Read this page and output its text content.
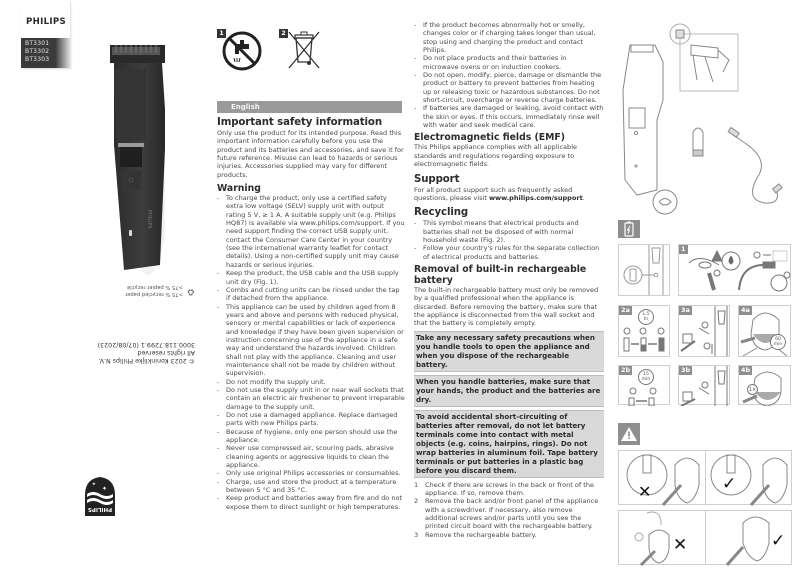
PHILIPS
BT3301
BT3302
BT3303
PHILIPS
♻
>75 % recycled paper
>75 % papier recyclé
© 2023 Koninklijke Philips N.V.
All rights reserved
3000.118.7299.1 (07/08/2023)
PHILIPS
✦
✦
1	2
English
Important safety information

Only use the product for its intended purpose. Read this important information carefully before you use the product and its batteries and accessories, and save it for future reference. Misuse can lead to hazards or serious injuries. Accessories supplied may vary for different products.

Warning
- To charge the product, only use a certified safety extra low voltage (SELV) supply unit with output rating 5 V, ≥ 1 A. A suitable supply unit (e.g. Philips HQ87) is available via www.philips.com/support. If you need support finding the correct USB supply unit, contact the Consumer Care Center in your country (see the international warranty leaflet for contact details). Using a non-certified supply unit may cause hazards or serious injuries.
- Keep the product, the USB cable and the USB supply unit dry (Fig. 1).
- Combs and cutting units can be rinsed under the tap if detached from the appliance.
- This appliance can be used by children aged from 8 years and above and persons with reduced physical, sensory or mental capabilities or lack of experience and knowledge if they have been given supervision or instruction concerning use of the appliance in a safe way and understand the hazards involved. Children shall not play with the appliance. Cleaning and user maintenance shall not be made by children without supervision.
- Do not modify the supply unit.
- Do not use the supply unit in or near wall sockets that contain an electric air freshener to prevent irreparable damage to the supply unit.
- Do not use a damaged appliance. Replace damaged parts with new Philips parts.
- Because of hygiene, only one person should use the appliance.
- Never use compressed air, scouring pads, abrasive cleaning agents or aggressive liquids to clean the appliance.
- Only use original Philips accessories or consumables.
- Charge, use and store the product at a temperature between 5 °C and 35 °C.
- Keep product and batteries away from fire and do not expose them to direct sunlight or high temperatures.
- If the product becomes abnormally hot or smelly, changes color or if charging takes longer than usual, stop using and charging the product and contact Philips.
- Do not place products and their batteries in microwave ovens or on induction cookers.
- Do not open, modify, pierce, damage or dismantle the product or battery to prevent batteries from heating up or releasing toxic or hazardous substances. Do not short-circuit, overcharge or reverse charge batteries.
- If batteries are damaged or leaking, avoid contact with the skin or eyes. If this occurs, immediately rinse well with water and seek medical care.
Electromagnetic fields (EMF)

This Philips appliance complies with all applicable standards and regulations regarding exposure to electromagnetic fields.

Support

For all product support such as frequently asked questions, please visit www.philips.com/support.

Recycling
- This symbol means that electrical products and batteries shall not be disposed of with normal household waste (Fig. 2).
- Follow your country's rules for the separate collection of electrical products and batteries.
Removal of built-in rechargeable battery

The built-in rechargeable battery must only be removed by a qualified professional when the appliance is discarded. Before removing the battery, make sure that the appliance is disconnected from the wall socket and that the battery is completely empty.

Take any necessary safety precautions when you handle tools to open the appliance and when you dispose of the rechargeable battery.
When you handle batteries, make sure that your hands, the product and the batteries are dry.
To avoid accidental short-circuiting of batteries after removal, do not let battery terminals come into contact with metal objects (e.g. coins, hairpins, rings). Do not wrap batteries in aluminum foil. Tape battery terminals or put batteries in a plastic bag before you discard them.
1 Check if there are screws in the back or front of the appliance. If so, remove them.
2 Remove the back and/or front panel of the appliance with a screwdriver. If necessary, also remove additional screws and/or parts until you see the printed circuit board with the rechargeable battery.
3 Remove the rechargeable battery.
1
2a
1.5
hr
3a	4a
60
min
2b
15
min
3b	4b
1×
✕	✓
✕	✓
